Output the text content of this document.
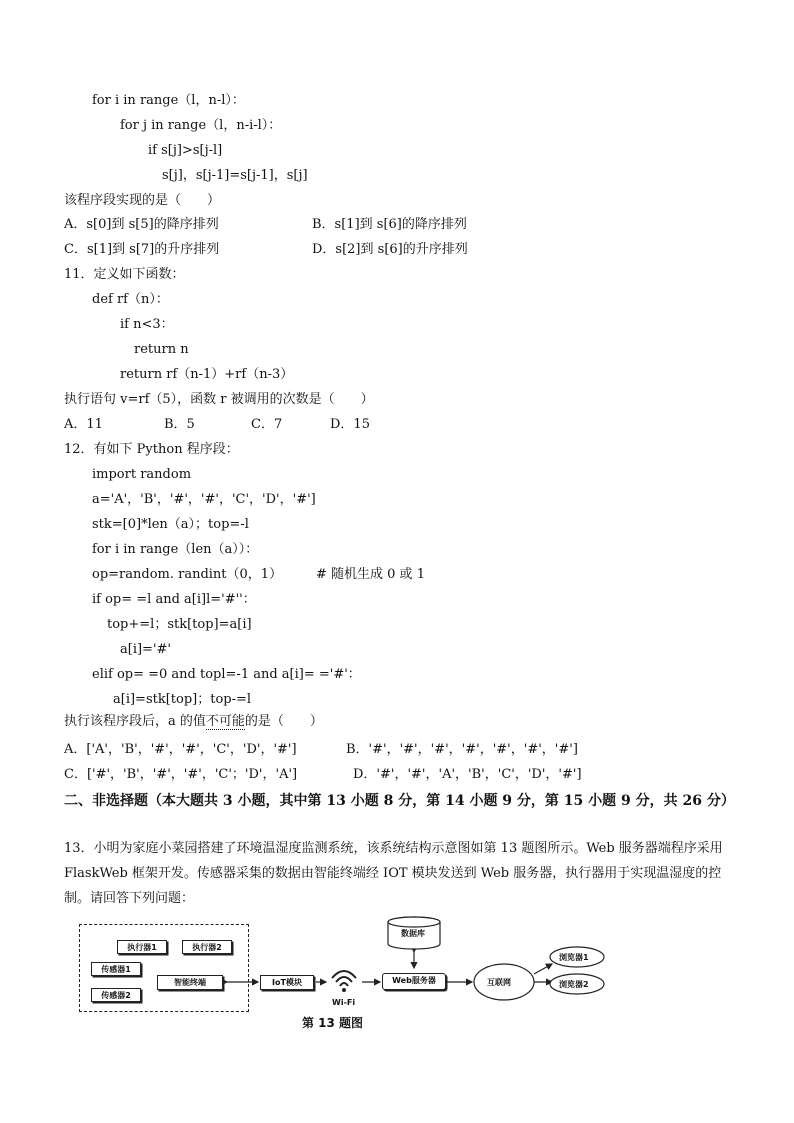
for i in range（l，n-l）：
for j in range（l，n-i-l）：
if s[j]>s[j-l]
s[j]，s[j-1]=s[j-1]，s[j]
该程序段实现的是（　　）
A．s[0]到 s[5]的降序排列	B．s[1]到 s[6]的降序排列
C．s[1]到 s[7]的升序排列	D．s[2]到 s[6]的升序排列
11．定义如下函数：
def rf（n）：
if n<3：
return n
return rf（n-1）+rf（n-3）
执行语句 v=rf（5），函数 r 被调用的次数是（　　）
A．11	B．5	C．7	D．15
12．有如下 Python 程序段：
import random
a='A'，'B'，'#'，'#'，'C'，'D'，'#']
stk=[0]*len（a）；top=-l
for i in range（len（a））：
op=random. randint（0，1）	# 随机生成 0 或 1
if op= =l and a[i]l='#''：
top+=l；stk[top]=a[i]
a[i]='#'
elif op= =0 and topl=-1 and a[i]= ='#'：
a[i]=stk[top]；top-=l
执行该程序段后，a 的值不可能的是（　　）
A．['A'，'B'，'#'，'#'，'C'，'D'，'#']	B．'#'，'#'，'#'，'#'，'#'，'#'，'#']
C．['#'，'B'，'#'，'#'，'C'；'D'，'A']	D．'#'，'#'，'A'，'B'，'C'，'D'，'#']
二、非选择题（本大题共 3 小题，其中第 13 小题 8 分，第 14 小题 9 分，第 15 小题 9 分，共 26 分）
13．小明为家庭小菜园搭建了环境温湿度监测系统，该系统结构示意图如第 13 题图所示。Web 服务器端程序采用 FlaskWeb 框架开发。传感器采集的数据由智能终端经 IOT 模块发送到 Web 服务器，执行器用于实现温湿度的控制。请回答下列问题：
执行器1	执行器2
传感器1
传感器2
智能终端	IoT模块	Web服务器
数据库
互联网
浏览器1
浏览器2
Wi-Fi
第 13 题图
